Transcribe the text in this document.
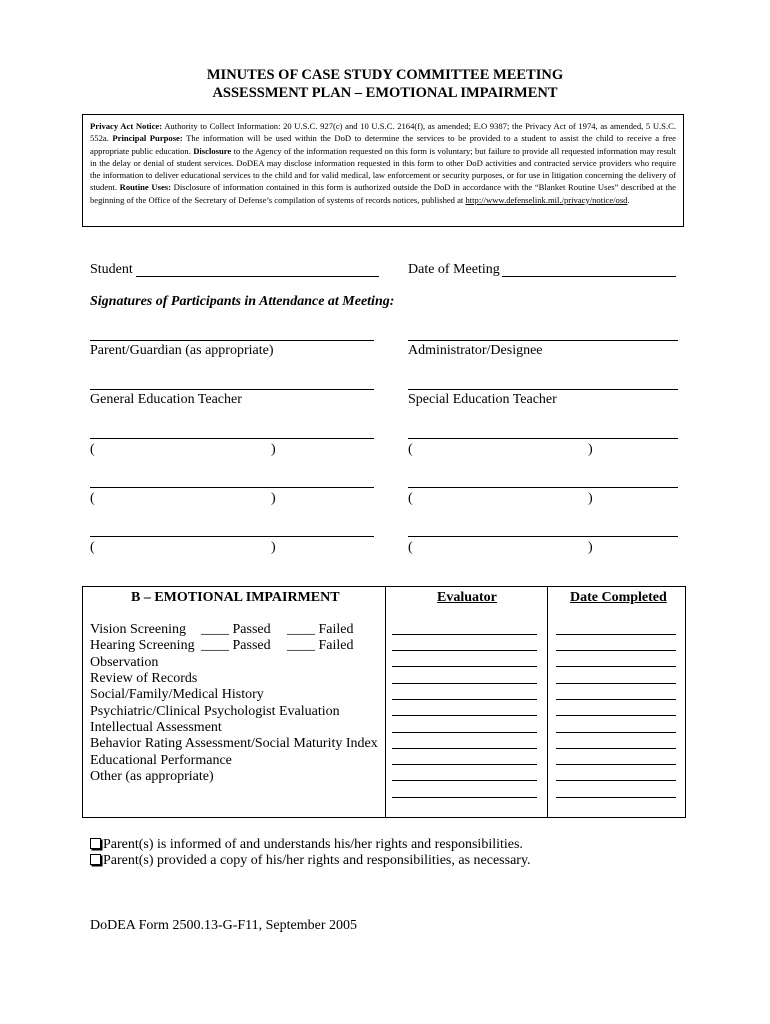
MINUTES OF CASE STUDY COMMITTEE MEETING
ASSESSMENT PLAN – EMOTIONAL IMPAIRMENT
Privacy Act Notice: Authority to Collect Information: 20 U.S.C. 927(c) and 10 U.S.C. 2164(f), as amended; E.O 9387; the Privacy Act of 1974, as amended, 5 U.S.C. 552a. Principal Purpose: The information will be used within the DoD to determine the services to be provided to a student to assist the child to receive a free appropriate public education. Disclosure to the Agency of the information requested on this form is voluntary; but failure to provide all requested information may result in the delay or denial of student services. DoDEA may disclose information requested in this form to other DoD activities and contracted service providers who require the information to deliver educational services to the child and for valid medical, law enforcement or security purposes, or for use in litigation concerning the delivery of student. Routine Uses: Disclosure of information contained in this form is authorized outside the DoD in accordance with the “Blanket Routine Uses” described at the beginning of the Office of the Secretary of Defense’s compilation of systems of records notices, published at http://www.defenselink.mil./privacy/notice/osd.
Student	Date of Meeting
Signatures of Participants in Attendance at Meeting:
Parent/Guardian (as appropriate)	Administrator/Designee
General Education Teacher	Special Education Teacher
(	)	(	)
(	)	(	)
(	)	(	)
B – EMOTIONAL IMPAIRMENT	Evaluator	Date Completed
Vision Screening ____ Passed ____ Failed
Hearing Screening ____ Passed ____ Failed
Observation
Review of Records
Social/Family/Medical History
Psychiatric/Clinical Psychologist Evaluation
Intellectual Assessment
Behavior Rating Assessment/Social Maturity Index
Educational Performance
Other (as appropriate)
Parent(s) is informed of and understands his/her rights and responsibilities.
Parent(s) provided a copy of his/her rights and responsibilities, as necessary.
DoDEA Form 2500.13-G-F11, September 2005
